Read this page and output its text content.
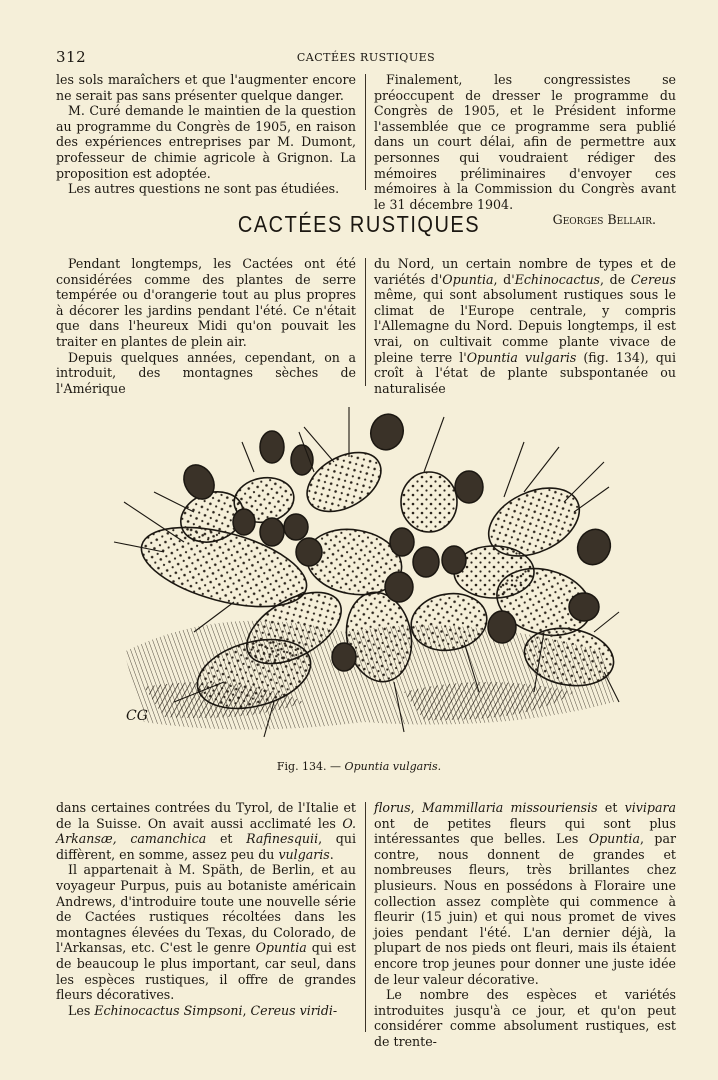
312	CACTÉES RUSTIQUES

les sols maraîchers et que l'augmenter encore ne serait pas sans présenter quelque danger.

M. Curé demande le maintien de la question au programme du Congrès de 1905, en raison des expériences entreprises par M. Dumont, professeur de chimie agricole à Grignon. La proposition est adoptée.

Les autres questions ne sont pas étudiées.

Finalement, les congressistes se préoccupent de dresser le programme du Congrès de 1905, et le Président informe l'assemblée que ce programme sera publié dans un court délai, afin de permettre aux personnes qui voudraient rédiger des mémoires préliminaires d'envoyer ces mémoires à la Commission du Congrès avant le 31 décembre 1904.

Georges Bellair.

CACTÉES RUSTIQUES

Pendant longtemps, les Cactées ont été considérées comme des plantes de serre tempérée ou d'orangerie tout au plus propres à décorer les jardins pendant l'été. Ce n'était que dans l'heureux Midi qu'on pouvait les traiter en plantes de plein air.

Depuis quelques années, cependant, on a introduit, des montagnes sèches de l'Amérique

du Nord, un certain nombre de types et de variétés d'Opuntia, d'Echinocactus, de Cereus même, qui sont absolument rustiques sous le climat de l'Europe centrale, y compris l'Allemagne du Nord. Depuis longtemps, il est vrai, on cultivait comme plante vivace de pleine terre l'Opuntia vulgaris (fig. 134), qui croît à l'état de plante subspontanée ou naturalisée

CG
Fig. 134. — Opuntia vulgaris.

dans certaines contrées du Tyrol, de l'Italie et de la Suisse. On avait aussi acclimaté les O. Arkansæ, camanchica et Rafinesquii, qui diffèrent, en somme, assez peu du vulgaris.

Il appartenait à M. Späth, de Berlin, et au voyageur Purpus, puis au botaniste américain Andrews, d'introduire toute une nouvelle série de Cactées rustiques récoltées dans les montagnes élevées du Texas, du Colorado, de l'Arkansas, etc. C'est le genre Opuntia qui est de beaucoup le plus important, car seul, dans les espèces rustiques, il offre de grandes fleurs décoratives.

Les Echinocactus Simpsoni, Cereus viridi-

florus, Mammillaria missouriensis et vivipara ont de petites fleurs qui sont plus intéressantes que belles. Les Opuntia, par contre, nous donnent de grandes et nombreuses fleurs, très brillantes chez plusieurs. Nous en possédons à Floraire une collection assez complète qui commence à fleurir (15 juin) et qui nous promet de vives joies pendant l'été. L'an dernier déjà, la plupart de nos pieds ont fleuri, mais ils étaient encore trop jeunes pour donner une juste idée de leur valeur décorative.

Le nombre des espèces et variétés introduites jusqu'à ce jour, et qu'on peut considérer comme absolument rustiques, est de trente-
